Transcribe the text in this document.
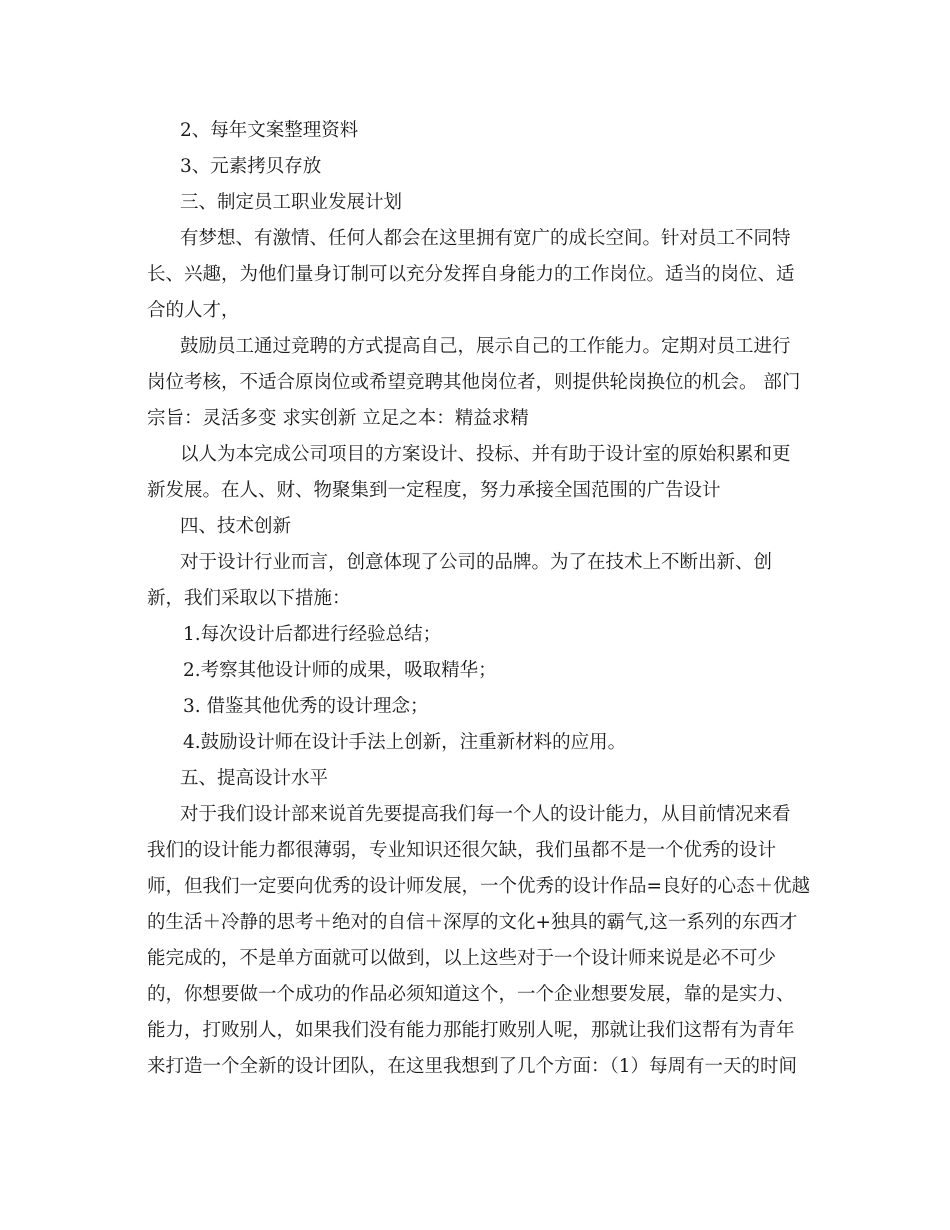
2、每年文案整理资料
3、元素拷贝存放
三、制定员工职业发展计划
有梦想、有激情、任何人都会在这里拥有宽广的成长空间。针对员工不同特
长、兴趣，为他们量身订制可以充分发挥自身能力的工作岗位。适当的岗位、适
合的人才，
鼓励员工通过竞聘的方式提高自己，展示自己的工作能力。定期对员工进行
岗位考核，不适合原岗位或希望竞聘其他岗位者，则提供轮岗换位的机会。 部门
宗旨：灵活多变 求实创新 立足之本：精益求精
以人为本完成公司项目的方案设计、投标、并有助于设计室的原始积累和更
新发展。在人、财、物聚集到一定程度，努力承接全国范围的广告设计
四、技术创新
对于设计行业而言，创意体现了公司的品牌。为了在技术上不断出新、创
新，我们采取以下措施：
1.每次设计后都进行经验总结；
2.考察其他设计师的成果，吸取精华；
3. 借鉴其他优秀的设计理念；
4.鼓励设计师在设计手法上创新，注重新材料的应用。
五、提高设计水平
对于我们设计部来说首先要提高我们每一个人的设计能力，从目前情况来看
我们的设计能力都很薄弱，专业知识还很欠缺，我们虽都不是一个优秀的设计
师，但我们一定要向优秀的设计师发展，一个优秀的设计作品=良好的心态＋优越
的生活＋冷静的思考＋绝对的自信＋深厚的文化+独具的霸气,这一系列的东西才
能完成的，不是单方面就可以做到，以上这些对于一个设计师来说是必不可少
的，你想要做一个成功的作品必须知道这个，一个企业想要发展，靠的是实力、
能力，打败别人，如果我们没有能力那能打败别人呢，那就让我们这帮有为青年
来打造一个全新的设计团队，在这里我想到了几个方面：（1）每周有一天的时间
